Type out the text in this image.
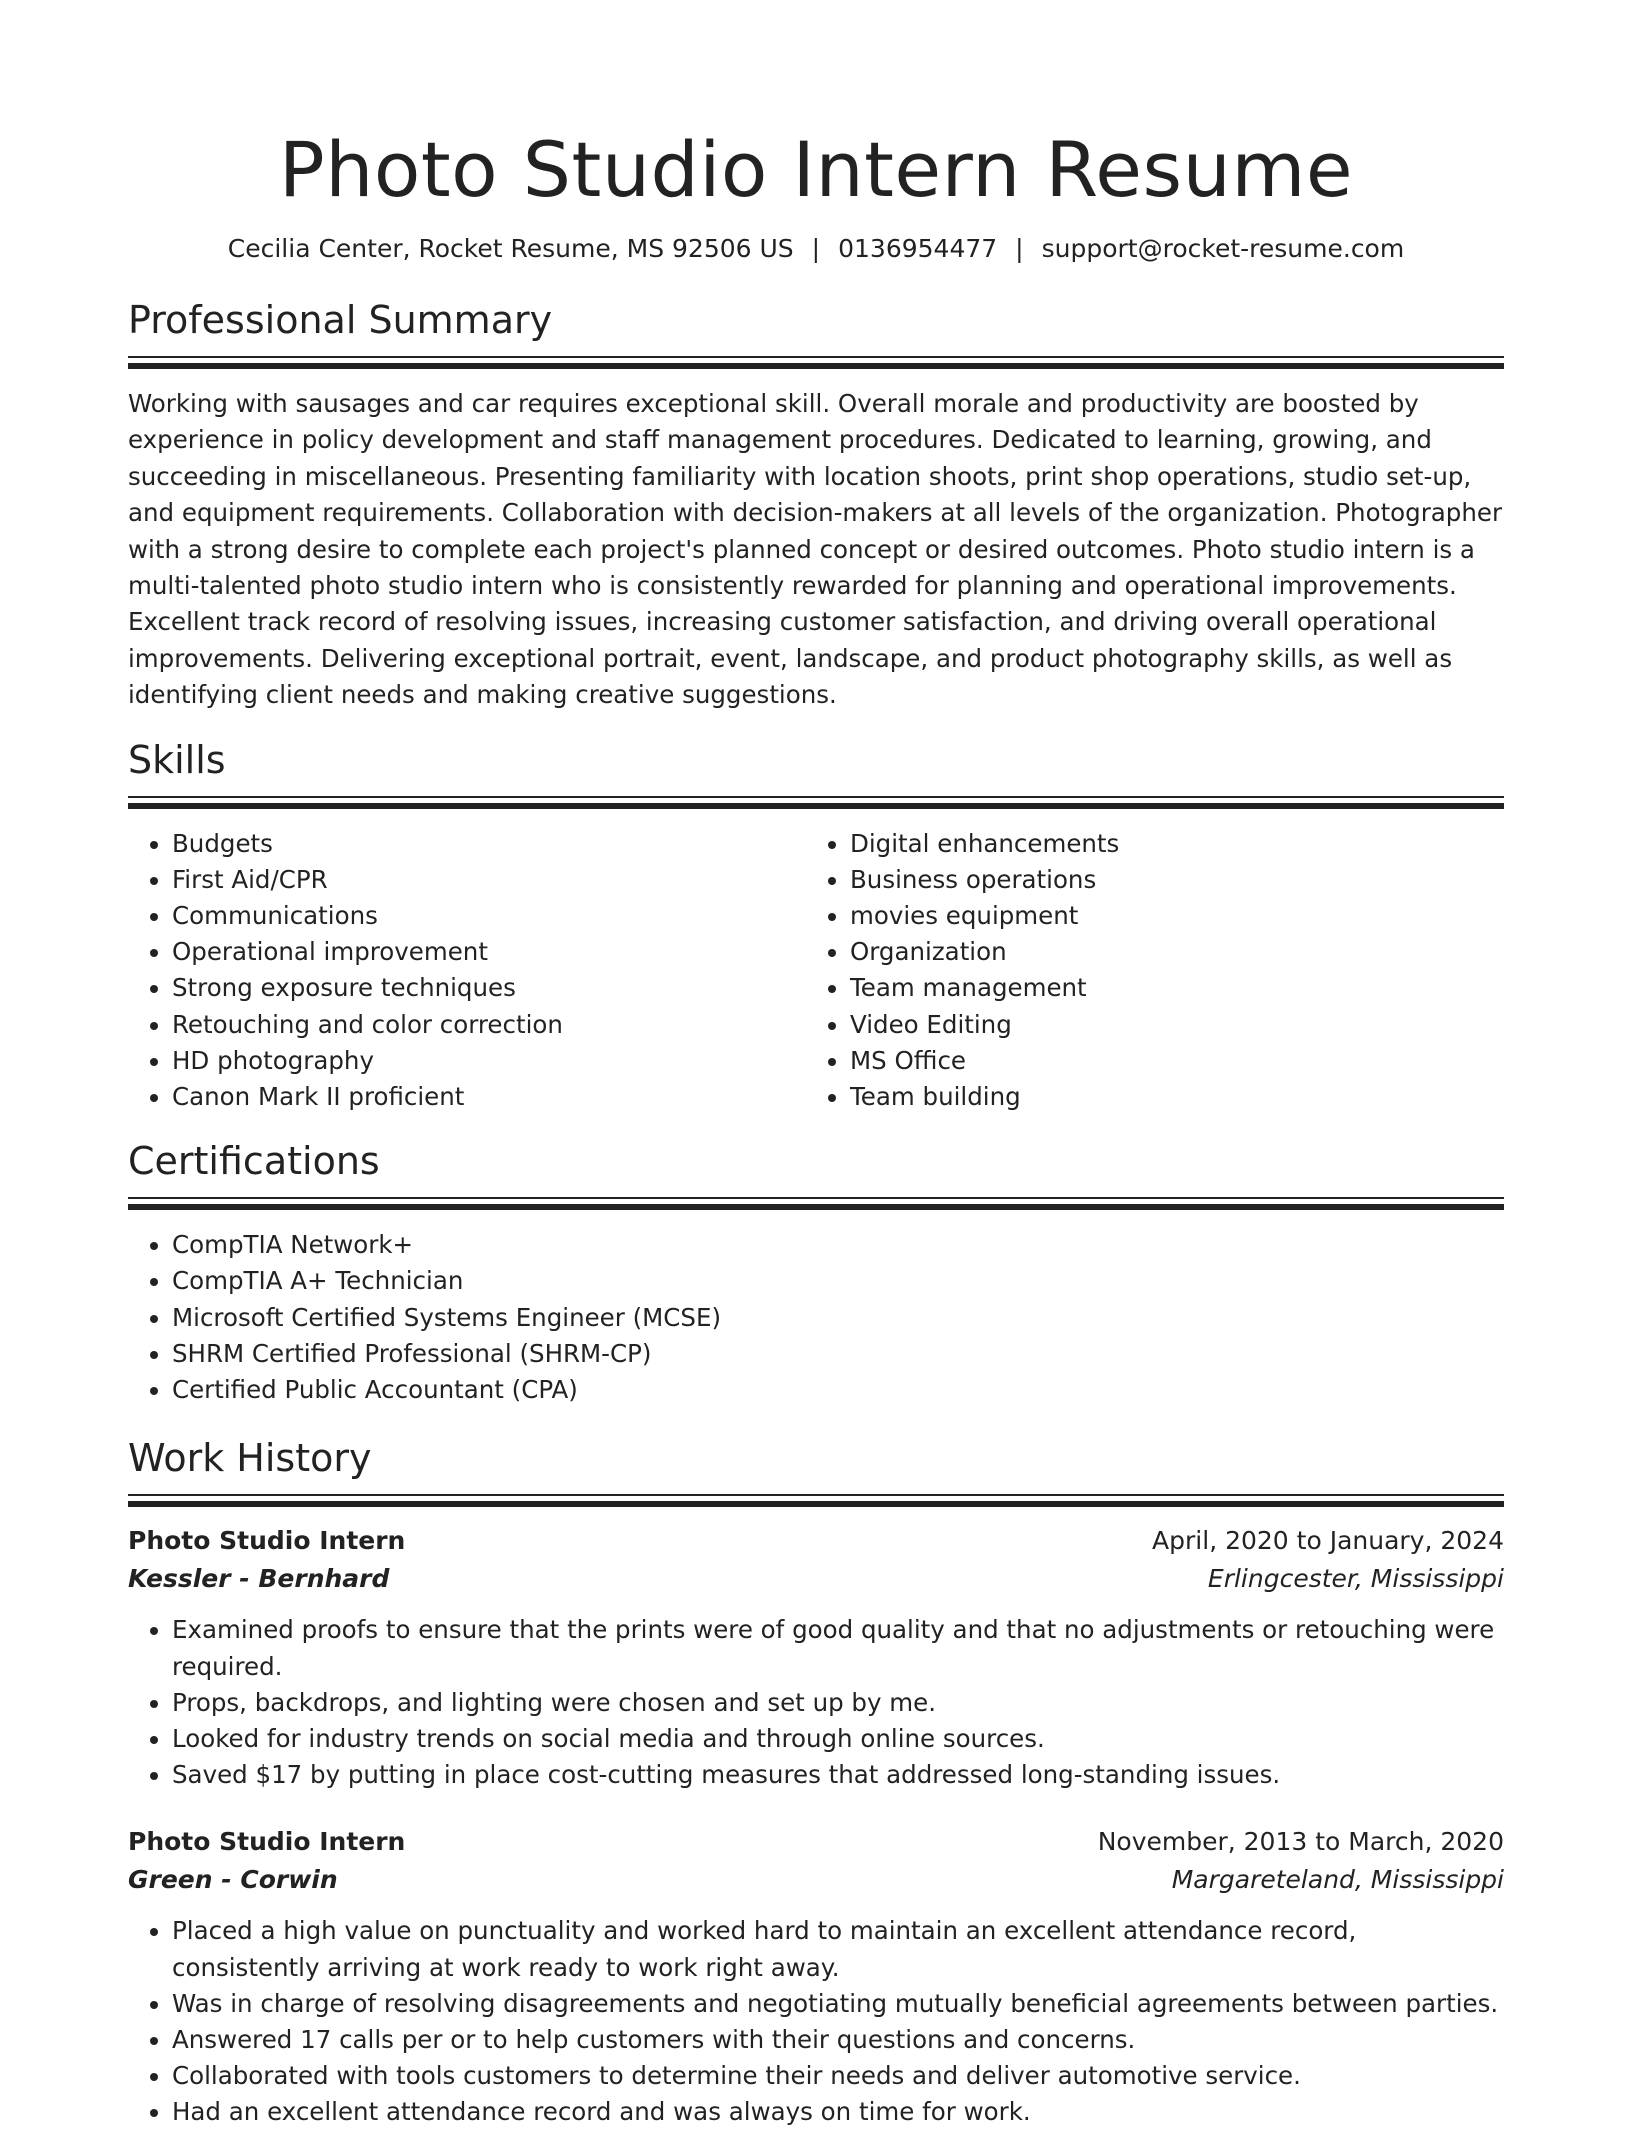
Photo Studio Intern Resume
Cecilia Center, Rocket Resume, MS 92506 US | 0136954477 | support@rocket-resume.com
Professional Summary
Working with sausages and car requires exceptional skill. Overall morale and productivity are boosted by experience in policy development and staff management procedures. Dedicated to learning, growing, and succeeding in miscellaneous. Presenting familiarity with location shoots, print shop operations, studio set-up, and equipment requirements. Collaboration with decision-makers at all levels of the organization. Photographer with a strong desire to complete each project's planned concept or desired outcomes. Photo studio intern is a multi-talented photo studio intern who is consistently rewarded for planning and operational improvements. Excellent track record of resolving issues, increasing customer satisfaction, and driving overall operational improvements. Delivering exceptional portrait, event, landscape, and product photography skills, as well as identifying client needs and making creative suggestions.
Skills
• Budgets
• First Aid/CPR
• Communications
• Operational improvement
• Strong exposure techniques
• Retouching and color correction
• HD photography
• Canon Mark II proficient
• Digital enhancements
• Business operations
• movies equipment
• Organization
• Team management
• Video Editing
• MS Office
• Team building
Certifications
• CompTIA Network+
• CompTIA A+ Technician
• Microsoft Certified Systems Engineer (MCSE)
• SHRM Certified Professional (SHRM-CP)
• Certified Public Accountant (CPA)
Work History
Photo Studio Intern	April, 2020 to January, 2024
Kessler - Bernhard	Erlingcester, Mississippi
• Examined proofs to ensure that the prints were of good quality and that no adjustments or retouching were required.
• Props, backdrops, and lighting were chosen and set up by me.
• Looked for industry trends on social media and through online sources.
• Saved $17 by putting in place cost-cutting measures that addressed long-standing issues.
Photo Studio Intern	November, 2013 to March, 2020
Green - Corwin	Margareteland, Mississippi
• Placed a high value on punctuality and worked hard to maintain an excellent attendance record, consistently arriving at work ready to work right away.
• Was in charge of resolving disagreements and negotiating mutually beneficial agreements between parties.
• Answered 17 calls per or to help customers with their questions and concerns.
• Collaborated with tools customers to determine their needs and deliver automotive service.
• Had an excellent attendance record and was always on time for work.
